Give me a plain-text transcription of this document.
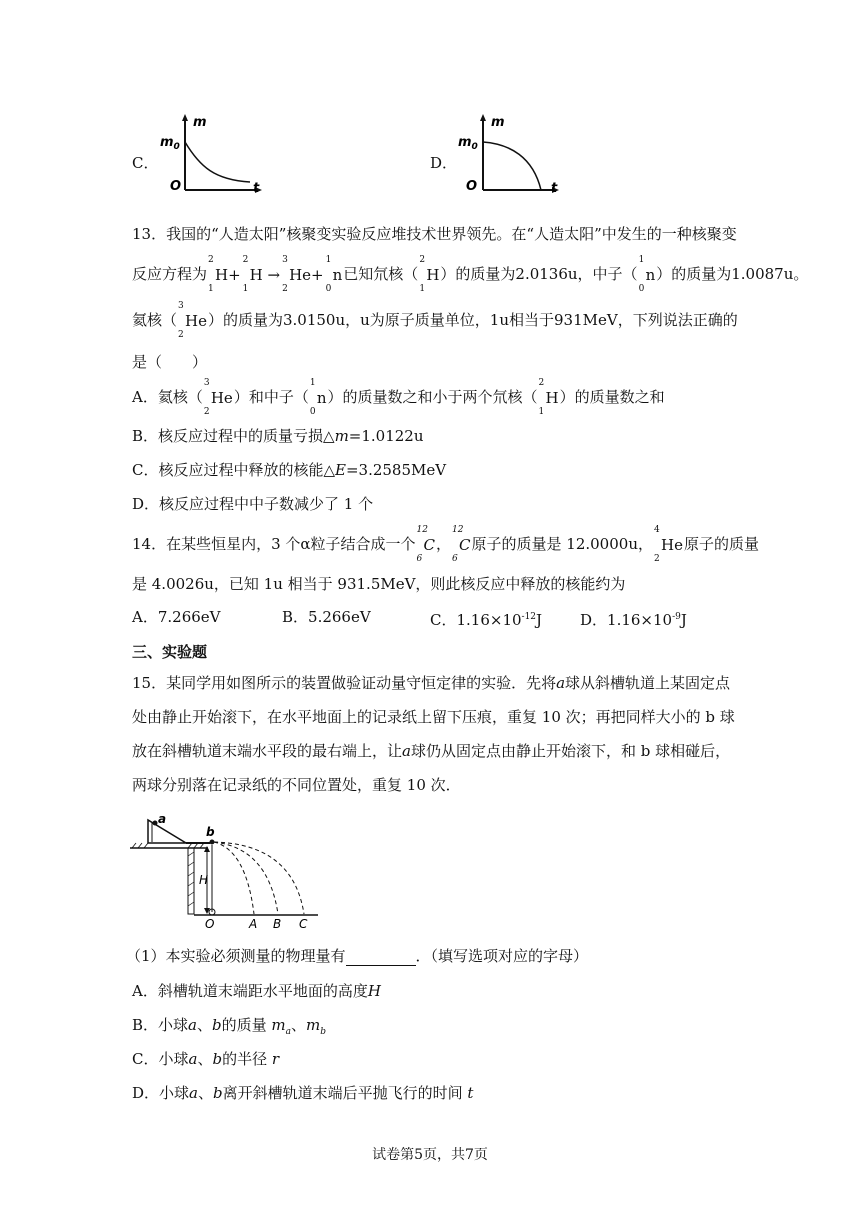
C．
m
$m_0$
O	t
D．
m
$m_0$
O	t
13．我国的“人造太阳”核聚变实验反应堆技术世界领先。在“人造太阳”中发生的一种核聚变
反应方程为
2
1
H+
2
1
H →
3
2
He+
1
0
n已知氘核（
2
1
H）的质量为2.0136u，中子（
1
0
n）的质量为1.0087u。
氦核（
3
2
He）的质量为3.0150u，u为原子质量单位，1u相当于931MeV，下列说法正确的
是（　　）
A．氦核（
3
2
He）和中子（
1
0
n）的质量数之和小于两个氘核（
2
1
H）的质量数之和
B．核反应过程中的质量亏损△m=1.0122u
C．核反应过程中释放的核能△E=3.2585MeV
D．核反应过程中中子数减少了 1 个
14．在某些恒星内，3 个α粒子结合成一个
12
6
C，
12
6
C原子的质量是 12.0000u，
4
2
He原子的质量
是 4.0026u，已知 1u 相当于 931.5MeV，则此核反应中释放的核能约为
A．7.266eV	B．5.266eV	C．$1.16\times 10^{-12}J$	D．$1.16\times 10^{-9}J$
三、实验题
15．某同学用如图所示的装置做验证动量守恒定律的实验．先将a球从斜槽轨道上某固定点
处由静止开始滚下，在水平地面上的记录纸上留下压痕，重复 10 次；再把同样大小的 b 球
放在斜槽轨道末端水平段的最右端上，让a球仍从固定点由静止开始滚下，和 b 球相碰后，
两球分别落在记录纸的不同位置处，重复 10 次．
a
b
H
O	A B C
（1）本实验必须测量的物理量有	．（填写选项对应的字母）
A．斜槽轨道末端距水平地面的高度H
B．小球a、b的质量 $m_a$、$m_b$
C．小球a、b的半径 r
D．小球a、b离开斜槽轨道末端后平抛飞行的时间 t
试卷第5页，共7页
